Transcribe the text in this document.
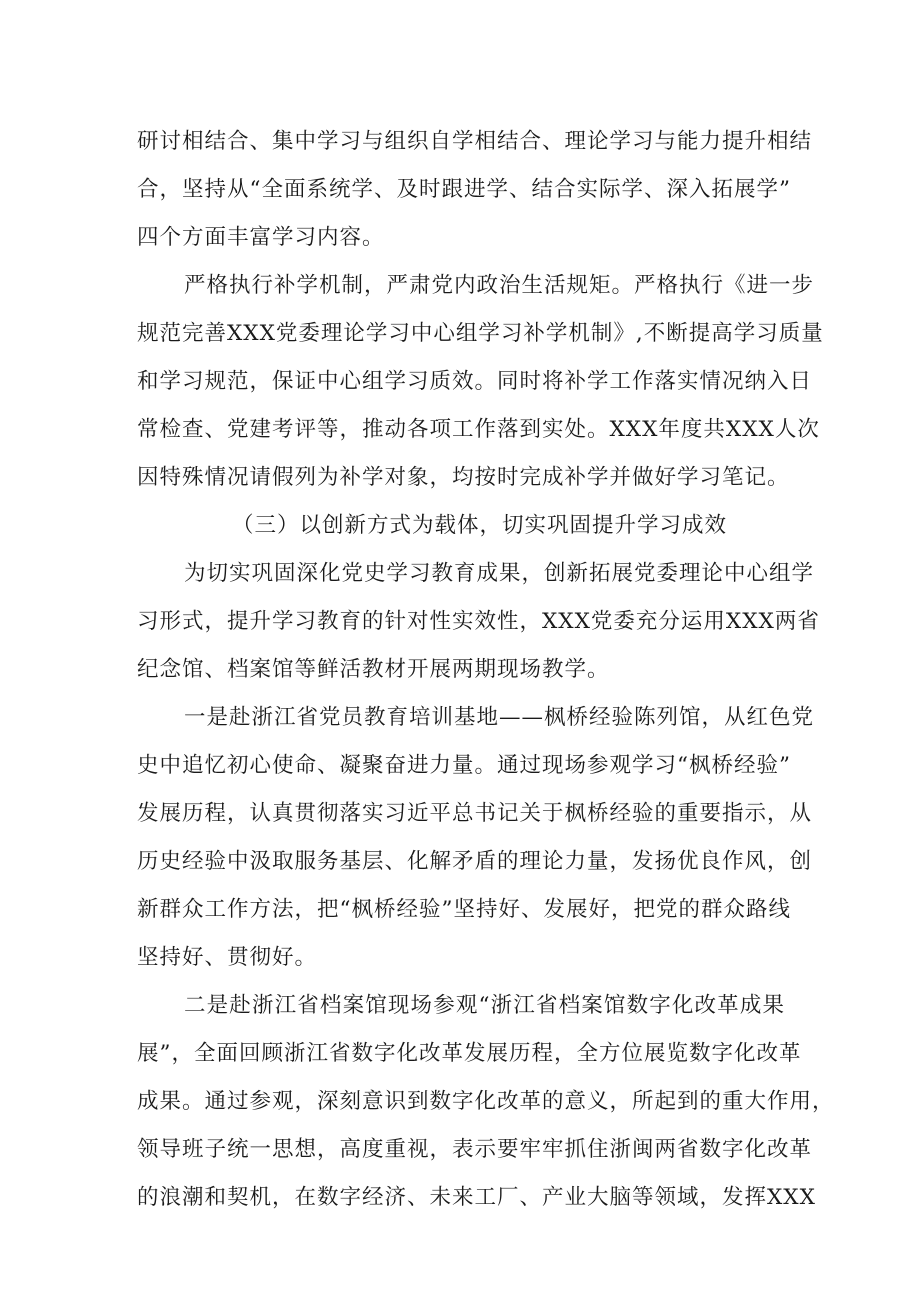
研讨相结合、集中学习与组织自学相结合、理论学习与能力提升相结
合，坚持从“全面系统学、及时跟进学、结合实际学、深入拓展学”
四个方面丰富学习内容。
严格执行补学机制，严肃党内政治生活规矩。严格执行《进一步
规范完善XXX党委理论学习中心组学习补学机制》,不断提高学习质量
和学习规范，保证中心组学习质效。同时将补学工作落实情况纳入日
常检查、党建考评等，推动各项工作落到实处。XXX年度共XXX人次
因特殊情况请假列为补学对象，均按时完成补学并做好学习笔记。
（三）以创新方式为载体，切实巩固提升学习成效
为切实巩固深化党史学习教育成果，创新拓展党委理论中心组学
习形式，提升学习教育的针对性实效性，XXX党委充分运用XXX两省
纪念馆、档案馆等鲜活教材开展两期现场教学。
一是赴浙江省党员教育培训基地——枫桥经验陈列馆，从红色党
史中追忆初心使命、凝聚奋进力量。通过现场参观学习“枫桥经验”
发展历程，认真贯彻落实习近平总书记关于枫桥经验的重要指示，从
历史经验中汲取服务基层、化解矛盾的理论力量，发扬优良作风，创
新群众工作方法，把“枫桥经验”坚持好、发展好，把党的群众路线
坚持好、贯彻好。
二是赴浙江省档案馆现场参观“浙江省档案馆数字化改革成果
展”，全面回顾浙江省数字化改革发展历程，全方位展览数字化改革
成果。通过参观，深刻意识到数字化改革的意义，所起到的重大作用，
领导班子统一思想，高度重视，表示要牢牢抓住浙闽两省数字化改革
的浪潮和契机，在数字经济、未来工厂、产业大脑等领域，发挥XXX
